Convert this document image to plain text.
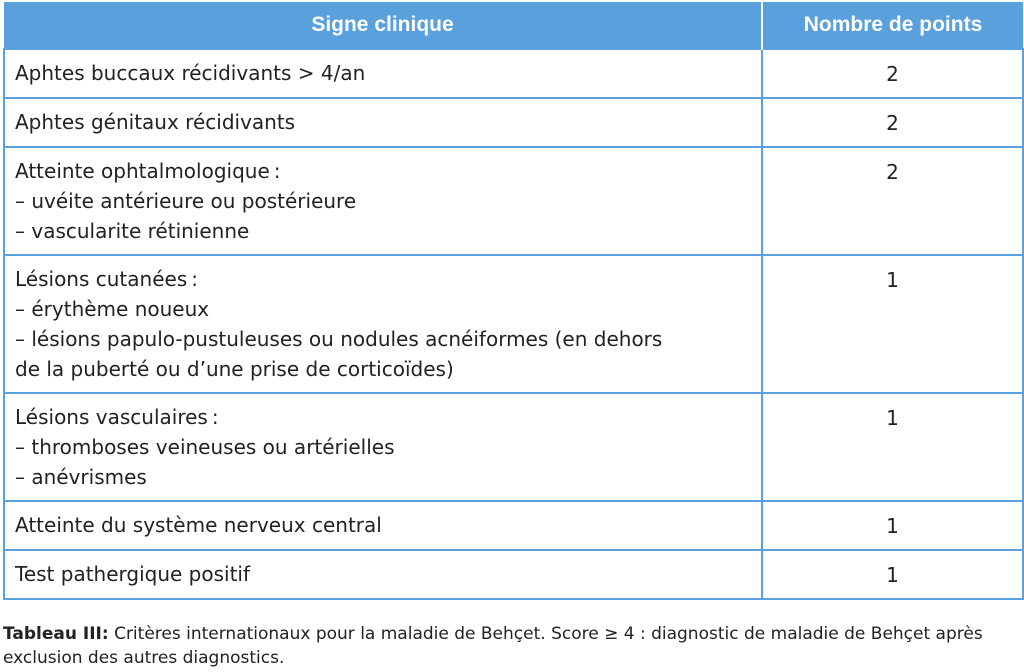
Signe clinique	Nombre de points

Aphtes buccaux récidivants > 4/an	2

Aphtes génitaux récidivants	2

Atteinte ophtalmologique :
– uvéite antérieure ou postérieure
– vascularite rétinienne	2

Lésions cutanées :
– érythème noueux
– lésions papulo-pustuleuses ou nodules acnéiformes (en dehors
de la puberté ou d’une prise de corticoïdes)	1

Lésions vasculaires :
– thromboses veineuses ou artérielles
– anévrismes	1

Atteinte du système nerveux central	1

Test pathergique positif	1
Tableau III: Critères internationaux pour la maladie de Behçet. Score ≥ 4 : diagnostic de maladie de Behçet après exclusion des autres diagnostics.
